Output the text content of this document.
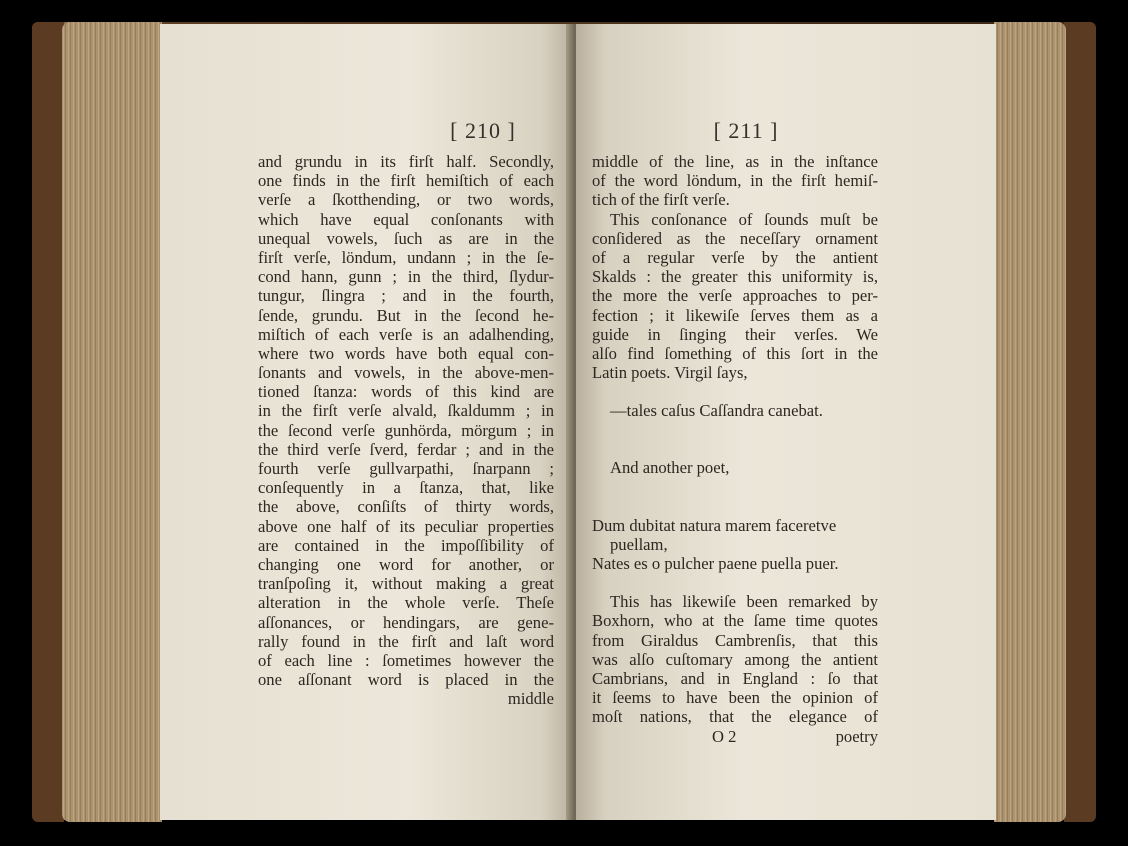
[ 210 ]
and grundu in its firſt half. Secondly,
one finds in the firſt hemiſtich of each
verſe a ſkotthending, or two words,
which have equal conſonants with
unequal vowels, ſuch as are in the
firſt verſe, löndum, undann ; in the ſe-
cond hann, gunn ; in the third, ſlydur-
tungur, ſlingra ; and in the fourth,
ſende, grundu. But in the ſecond he-
miſtich of each verſe is an adalhending,
where two words have both equal con-
ſonants and vowels, in the above-men-
tioned ſtanza: words of this kind are
in the firſt verſe alvald, ſkaldumm ; in
the ſecond verſe gunhörda, mörgum ; in
the third verſe ſverd, ferdar ; and in the
fourth verſe gullvarpathi, ſnarpann ;
conſequently in a ſtanza, that, like
the above, conſiſts of thirty words,
above one half of its peculiar properties
are contained in the impoſſibility of
changing one word for another, or
tranſpoſing it, without making a great
alteration in the whole verſe. Theſe
aſſonances, or hendingars, are gene-
rally found in the firſt and laſt word
of each line : ſometimes however the
one aſſonant word is placed in the
middle
[ 211 ]
middle of the line, as in the inſtance
of the word löndum, in the firſt hemiſ-
tich of the firſt verſe.
This conſonance of ſounds muſt be
conſidered as the neceſſary ornament
of a regular verſe by the antient
Skalds : the greater this uniformity is,
the more the verſe approaches to per-
fection ; it likewiſe ſerves them as a
guide in ſinging their verſes. We
alſo find ſomething of this ſort in the
Latin poets. Virgil ſays,
—tales caſus Caſſandra canebat.
And another poet,
Dum dubitat natura marem faceretve
puellam,
Nates es o pulcher paene puella puer.
This has likewiſe been remarked by
Boxhorn, who at the ſame time quotes
from Giraldus Cambrenſis, that this
was alſo cuſtomary among the antient
Cambrians, and in England : ſo that
it ſeems to have been the opinion of
moſt nations, that the elegance of
O 2	poetry
